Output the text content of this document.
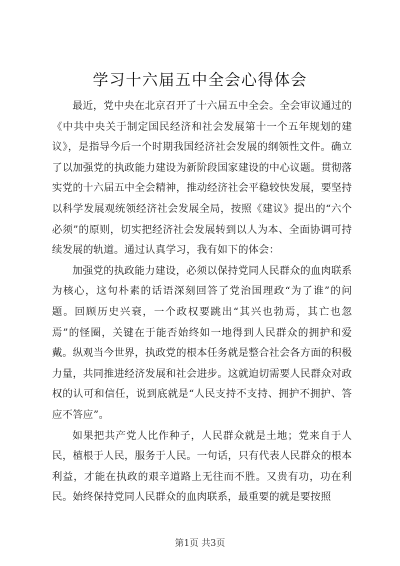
学习十六届五中全会心得体会

最近，党中央在北京召开了十六届五中全会。全会审议通过的《中共中央关于制定国民经济和社会发展第十一个五年规划的建议》，是指导今后一个时期我国经济社会发展的纲领性文件。确立了以加强党的执政能力建设为新阶段国家建设的中心议题。贯彻落实党的十六届五中全会精神，推动经济社会平稳较快发展，要坚持以科学发展观统领经济社会发展全局，按照《建议》提出的“六个必须”的原则，切实把经济社会发展转到以人为本、全面协调可持续发展的轨道。通过认真学习，我有如下的体会：

加强党的执政能力建设，必须以保持党同人民群众的血肉联系为核心，这句朴素的话语深刻回答了党治国理政“为了谁”的问题。回顾历史兴衰，一个政权要跳出“其兴也勃焉，其亡也忽焉”的怪圈，关键在于能否始终如一地得到人民群众的拥护和爱戴。纵观当今世界，执政党的根本任务就是整合社会各方面的积极力量，共同推进经济发展和社会进步。这就迫切需要人民群众对政权的认可和信任，说到底就是“人民支持不支持、拥护不拥护、答应不答应”。

如果把共产党人比作种子，人民群众就是土地；党来自于人民，植根于人民，服务于人民。一句话，只有代表人民群众的根本利益，才能在执政的艰辛道路上无往而不胜。又贵有功，功在利民。始终保持党同人民群众的血肉联系，最重要的就是要按照

第1页 共3页
